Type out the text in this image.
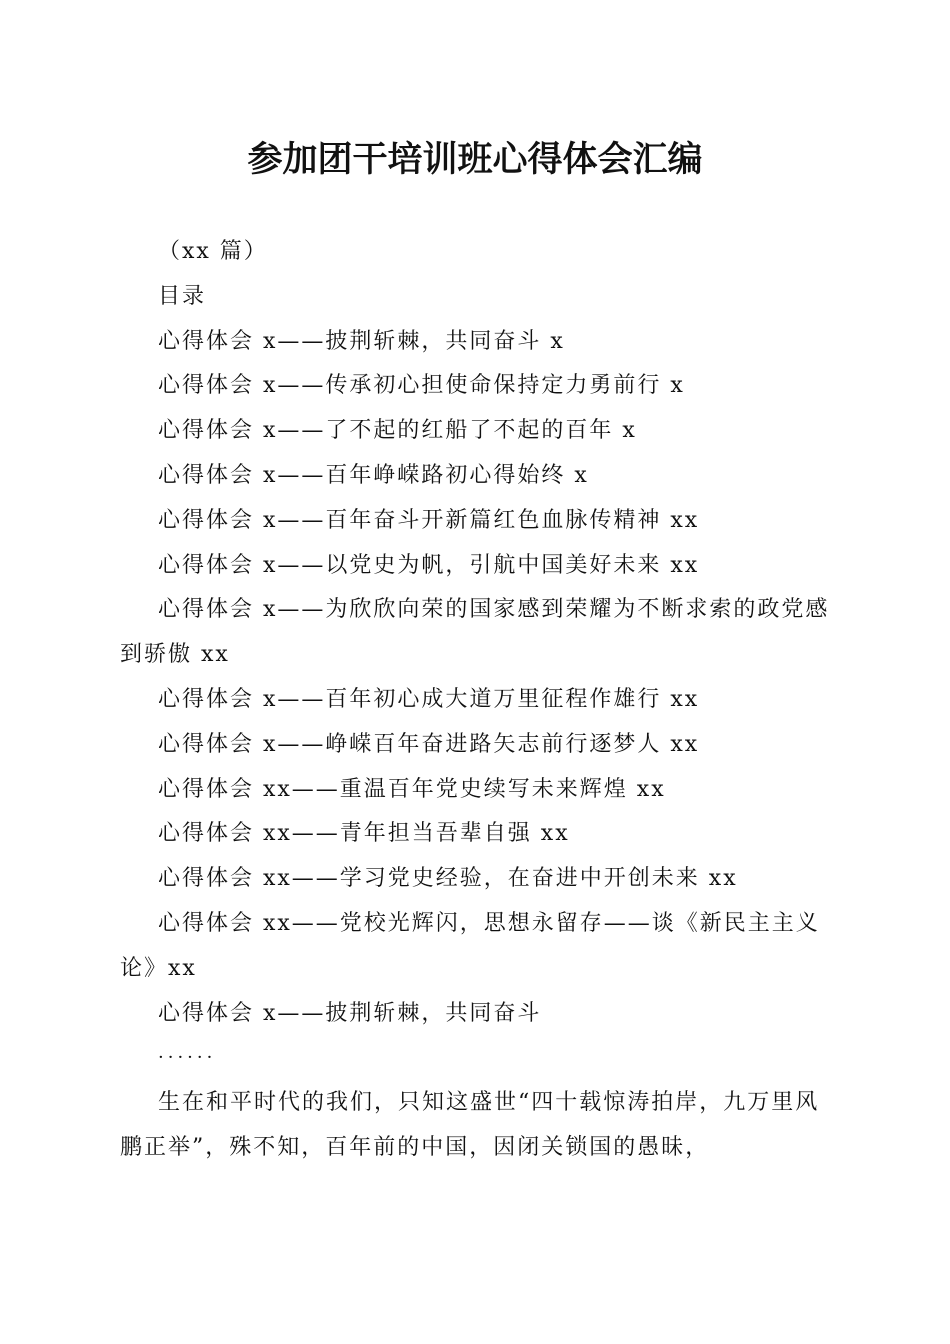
参加团干培训班心得体会汇编

（xx 篇）

目录

心得体会 x——披荆斩棘，共同奋斗 x

心得体会 x——传承初心担使命保持定力勇前行 x

心得体会 x——了不起的红船了不起的百年 x

心得体会 x——百年峥嵘路初心得始终 x

心得体会 x——百年奋斗开新篇红色血脉传精神 xx

心得体会 x——以党史为帆，引航中国美好未来 xx

心得体会 x——为欣欣向荣的国家感到荣耀为不断求索的政党感到骄傲 xx

心得体会 x——百年初心成大道万里征程作雄行 xx

心得体会 x——峥嵘百年奋进路矢志前行逐梦人 xx

心得体会 xx——重温百年党史续写未来辉煌 xx

心得体会 xx——青年担当吾辈自强 xx

心得体会 xx——学习党史经验，在奋进中开创未来 xx

心得体会 xx——党校光辉闪，思想永留存——谈《新民主主义论》xx

心得体会 x——披荆斩棘，共同奋斗

······

生在和平时代的我们，只知这盛世“四十载惊涛拍岸，九万里风鹏正举”，殊不知，百年前的中国，因闭关锁国的愚昧，
